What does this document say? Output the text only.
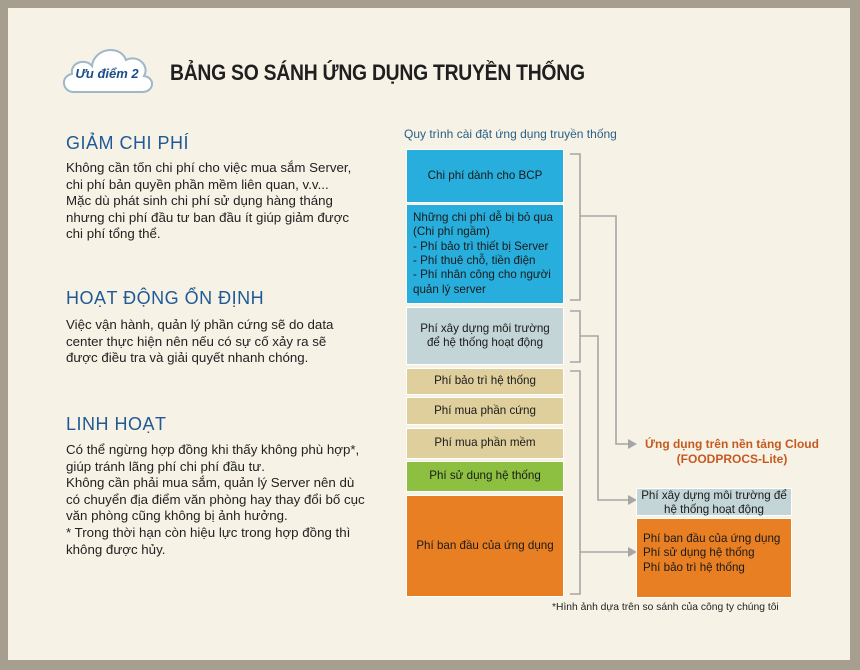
Ưu điểm 2	BẢNG SO SÁNH ỨNG DỤNG TRUYỀN THỐNG
GIẢM CHI PHÍ
Không cần tốn chi phí cho việc mua sắm Server,
chi phí bản quyền phần mềm liên quan, v.v...
Mặc dù phát sinh chi phí sử dụng hàng tháng
nhưng chi phí đầu tư ban đầu ít giúp giảm được
chi phí tổng thể.
HOẠT ĐỘNG ỔN ĐỊNH
Việc vận hành, quản lý phần cứng sẽ do data
center thực hiện nên nếu có sự cố xảy ra sẽ
được điều tra và giải quyết nhanh chóng.
LINH HOẠT
Có thể ngừng hợp đồng khi thấy không phù hợp*,
giúp tránh lãng phí chi phí đầu tư.
Không cần phải mua sắm, quản lý Server nên dù
có chuyển địa điểm văn phòng hay thay đổi bố cục
văn phòng cũng không bị ảnh hưởng.
* Trong thời hạn còn hiệu lực trong hợp đồng thì
không được hủy.
Quy trình cài đặt ứng dụng truyền thống
Chi phí dành cho BCP
Những chi phí dễ bị bỏ qua
(Chi phí ngầm)
- Phí bảo trì thiết bị Server
- Phí thuê chỗ, tiền điện
- Phí nhân công cho người
quản lý server
Phí xây dựng môi trường
để hệ thống hoạt động
Phí bảo trì hệ thống
Phí mua phần cứng
Phí mua phần mềm
Phí sử dụng hệ thống
Phí ban đầu của ứng dụng
Ứng dụng trên nền tảng Cloud
(FOODPROCS-Lite)
Phí xây dựng môi trường để
hệ thống hoạt động
Phí ban đầu của ứng dụng
Phí sử dụng hệ thống
Phí bảo trì hệ thống
*Hình ảnh dựa trên so sánh của công ty chúng tôi
